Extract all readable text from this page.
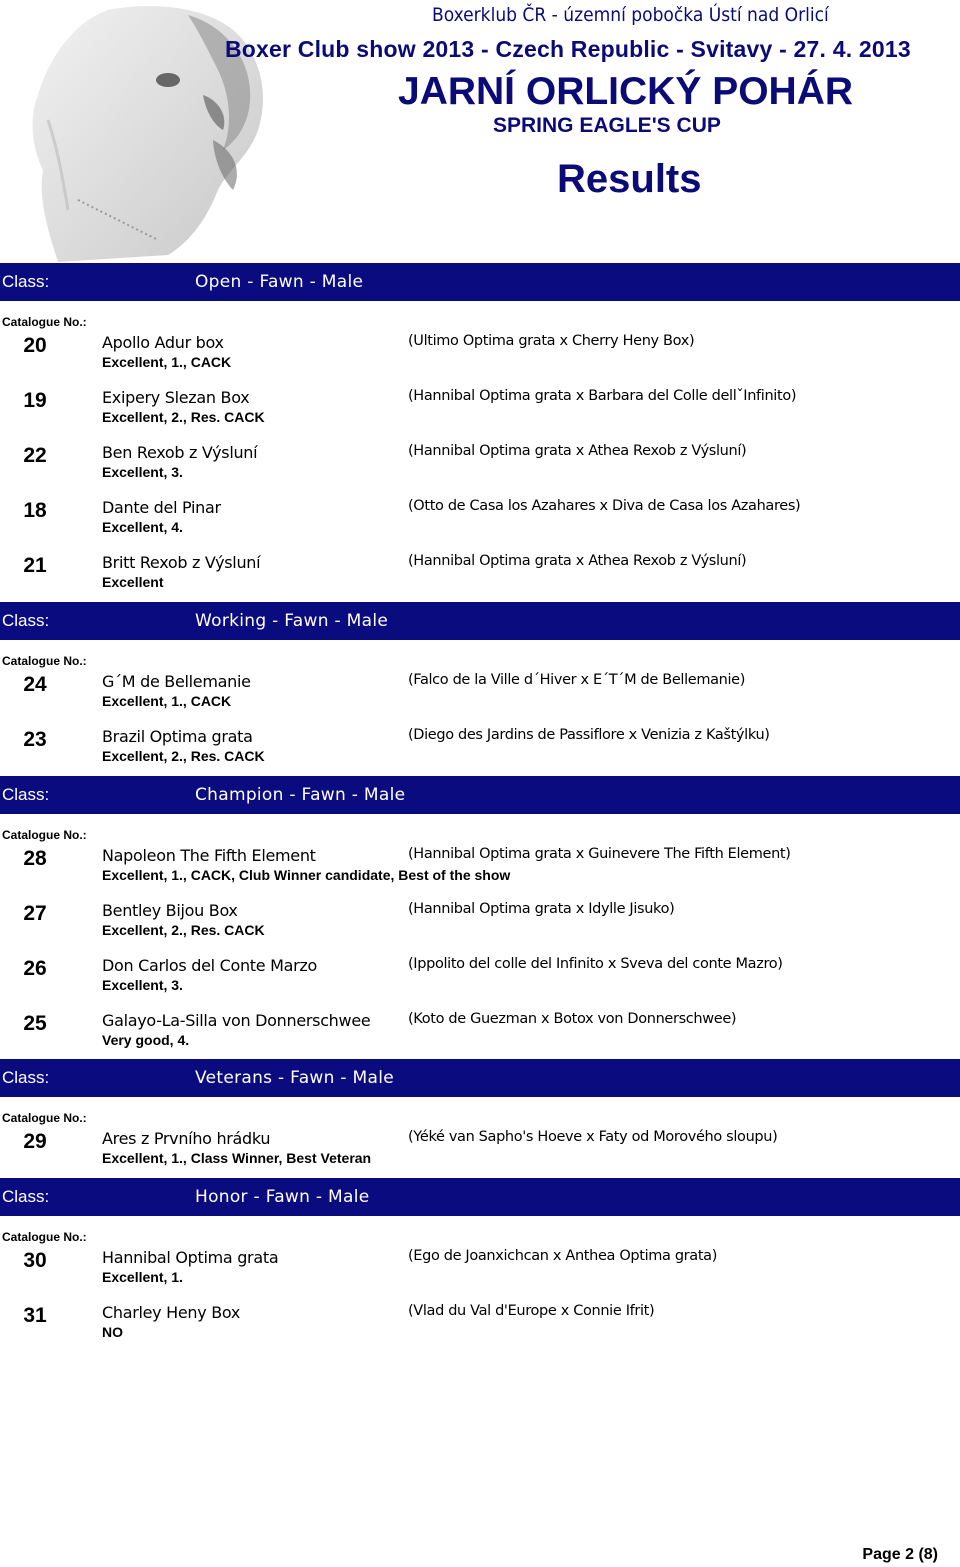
Boxerklub ČR - územní pobočka Ústí nad Orlicí
Boxer Club show 2013 - Czech Republic - Svitavy - 27. 4. 2013
JARNÍ ORLICKÝ POHÁR
SPRING EAGLE'S CUP
Results
Class:	Open - Fawn - Male
Catalogue No.:
20	Apollo Adur box
Excellent, 1., CACK
(Ultimo Optima grata x Cherry Heny Box)
19	Exipery Slezan Box
Excellent, 2., Res. CACK
(Hannibal Optima grata x Barbara del Colle dellˇInfinito)
22	Ben Rexob z Výsluní
Excellent, 3.
(Hannibal Optima grata x Athea Rexob z Výsluní)
18	Dante del Pinar
Excellent, 4.
(Otto de Casa los Azahares x Diva de Casa los Azahares)
21	Britt Rexob z Výsluní
Excellent
(Hannibal Optima grata x Athea Rexob z Výsluní)
Class:	Working - Fawn - Male
Catalogue No.:
24	G´M de Bellemanie
Excellent, 1., CACK
(Falco de la Ville d´Hiver x E´T´M de Bellemanie)
23	Brazil Optima grata
Excellent, 2., Res. CACK
(Diego des Jardins de Passiflore x Venizia z Kaštýlku)
Class:	Champion - Fawn - Male
Catalogue No.:
28	Napoleon The Fifth Element
Excellent, 1., CACK, Club Winner candidate, Best of the show
(Hannibal Optima grata x Guinevere The Fifth Element)
27	Bentley Bijou Box
Excellent, 2., Res. CACK
(Hannibal Optima grata x Idylle Jisuko)
26	Don Carlos del Conte Marzo
Excellent, 3.
(Ippolito del colle del Infinito x Sveva del conte Mazro)
25	Galayo-La-Silla von Donnerschwee
Very good, 4.
(Koto de Guezman x Botox von Donnerschwee)
Class:	Veterans - Fawn - Male
Catalogue No.:
29	Ares z Prvního hrádku
Excellent, 1., Class Winner, Best Veteran
(Yéké van Sapho's Hoeve x Faty od Morového sloupu)
Class:	Honor - Fawn - Male
Catalogue No.:
30	Hannibal Optima grata
Excellent, 1.
(Ego de Joanxichcan x Anthea Optima grata)
31	Charley Heny Box
NO
(Vlad du Val d'Europe x Connie Ifrit)
Page 2 (8)
